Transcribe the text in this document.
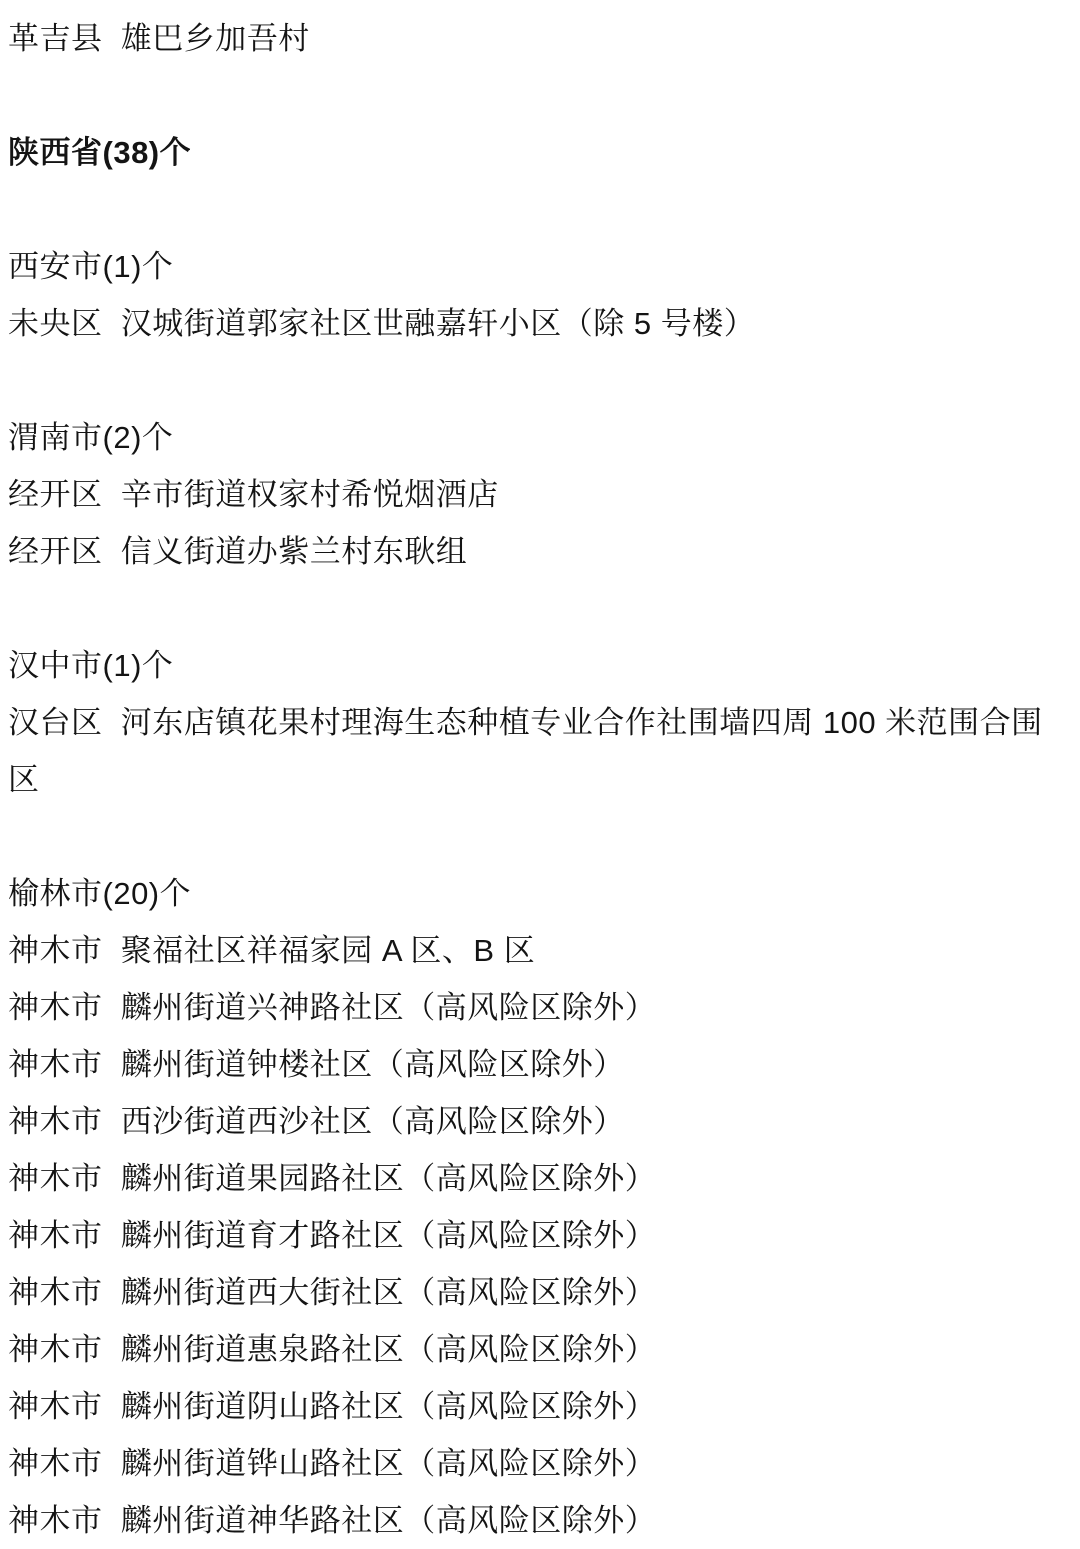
革吉县  雄巴乡加吾村
陕西省(38)个
西安市(1)个
未央区  汉城街道郭家社区世融嘉轩小区（除 5 号楼）
渭南市(2)个
经开区  辛市街道权家村希悦烟酒店
经开区  信义街道办紫兰村东耿组
汉中市(1)个
汉台区  河东店镇花果村理海生态种植专业合作社围墙四周 100 米范围合围
区
榆林市(20)个
神木市  聚福社区祥福家园 A 区、B 区
神木市  麟州街道兴神路社区（高风险区除外）
神木市  麟州街道钟楼社区（高风险区除外）
神木市  西沙街道西沙社区（高风险区除外）
神木市  麟州街道果园路社区（高风险区除外）
神木市  麟州街道育才路社区（高风险区除外）
神木市  麟州街道西大街社区（高风险区除外）
神木市  麟州街道惠泉路社区（高风险区除外）
神木市  麟州街道阴山路社区（高风险区除外）
神木市  麟州街道铧山路社区（高风险区除外）
神木市  麟州街道神华路社区（高风险区除外）
